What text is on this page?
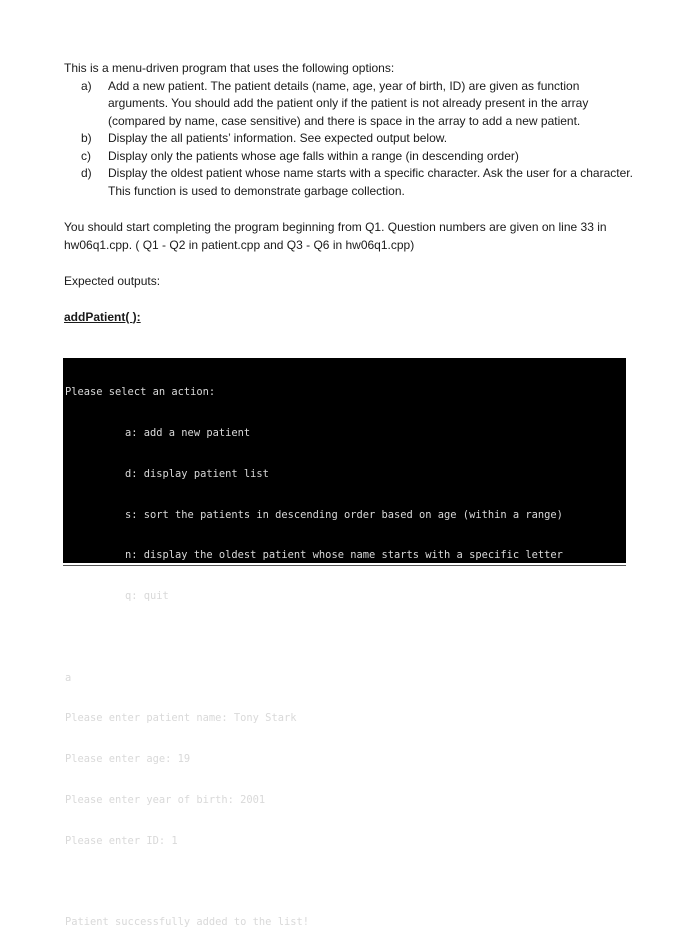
This is a menu-driven program that uses the following options:

a) Add a new patient. The patient details (name, age, year of birth, ID) are given as function arguments. You should add the patient only if the patient is not already present in the array (compared by name, case sensitive) and there is space in the array to add a new patient.
b) Display the all patients’ information. See expected output below.
c) Display only the patients whose age falls within a range (in descending order)
d) Display the oldest patient whose name starts with a specific character. Ask the user for a character. This function is used to demonstrate garbage collection.

You should start completing the program beginning from Q1. Question numbers are given on line 33 in hw06q1.cpp. ( Q1 - Q2 in patient.cpp and Q3 - Q6 in hw06q1.cpp)

Expected outputs:

addPatient( ):

Please select an action:

a: add a new patient

d: display patient list

s: sort the patients in descending order based on age (within a range)

n: display the oldest patient whose name starts with a specific letter

q: quit

a

Please enter patient name: Tony Stark

Please enter age: 19

Please enter year of birth: 2001

Please enter ID: 1

Patient successfully added to the list!
